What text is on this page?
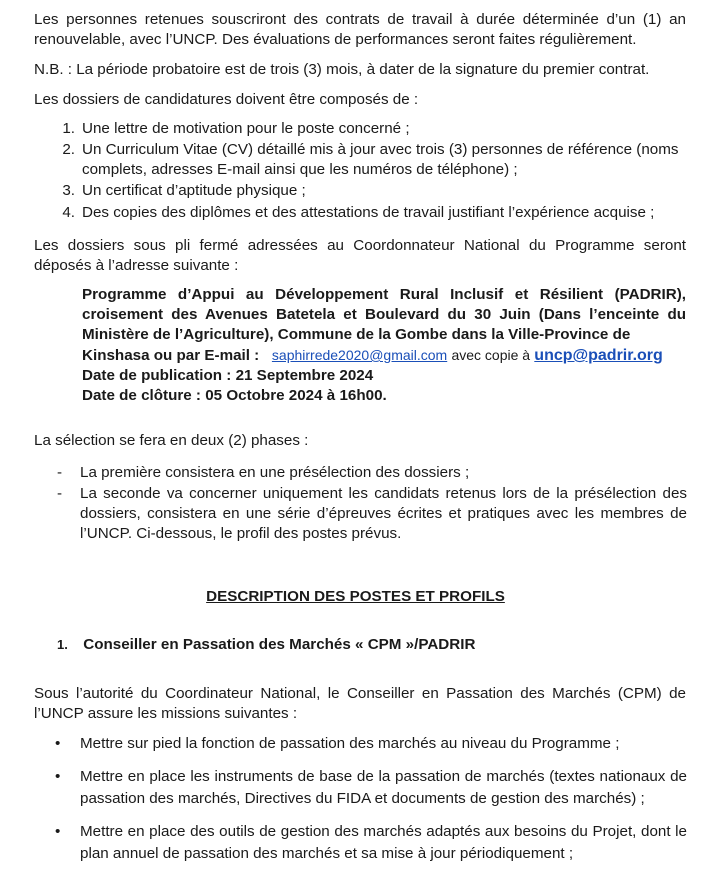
Les personnes retenues souscriront des contrats de travail à durée déterminée d’un (1) an renouvelable, avec l’UNCP. Des évaluations de performances seront faites régulièrement.

N.B. : La période probatoire est de trois (3) mois, à dater de la signature du premier contrat.

Les dossiers de candidatures doivent être composés de :

1. Une lettre de motivation pour le poste concerné ;
2. Un Curriculum Vitae (CV) détaillé mis à jour avec trois (3) personnes de référence (noms complets, adresses E-mail ainsi que les numéros de téléphone) ;
3. Un certificat d’aptitude physique ;
4. Des copies des diplômes et des attestations de travail justifiant l’expérience acquise ;

Les dossiers sous pli fermé adressées au Coordonnateur National du Programme seront déposés à l’adresse suivante :

Programme d’Appui au Développement Rural Inclusif et Résilient (PADRIR), croisement des Avenues Batetela et Boulevard du 30 Juin (Dans l’enceinte du Ministère de l’Agriculture), Commune de la Gombe dans la Ville-Province de

Kinshasa ou par E-mail : saphirrede2020@gmail.com avec copie à uncp@padrir.org

Date de publication : 21 Septembre 2024

Date de clôture : 05 Octobre 2024 à 16h00.

La sélection se fera en deux (2) phases :

- La première consistera en une présélection des dossiers ;
- La seconde va concerner uniquement les candidats retenus lors de la présélection des dossiers, consistera en une série d’épreuves écrites et pratiques avec les membres de l’UNCP. Ci-dessous, le profil des postes prévus.
DESCRIPTION DES POSTES ET PROFILS
1. Conseiller en Passation des Marchés « CPM »/PADRIR

Sous l’autorité du Coordinateur National, le Conseiller en Passation des Marchés (CPM) de l’UNCP assure les missions suivantes :

• Mettre sur pied la fonction de passation des marchés au niveau du Programme ;
• Mettre en place les instruments de base de la passation de marchés (textes nationaux de passation des marchés, Directives du FIDA et documents de gestion des marchés) ;
• Mettre en place des outils de gestion des marchés adaptés aux besoins du Projet, dont le plan annuel de passation des marchés et sa mise à jour périodiquement ;
